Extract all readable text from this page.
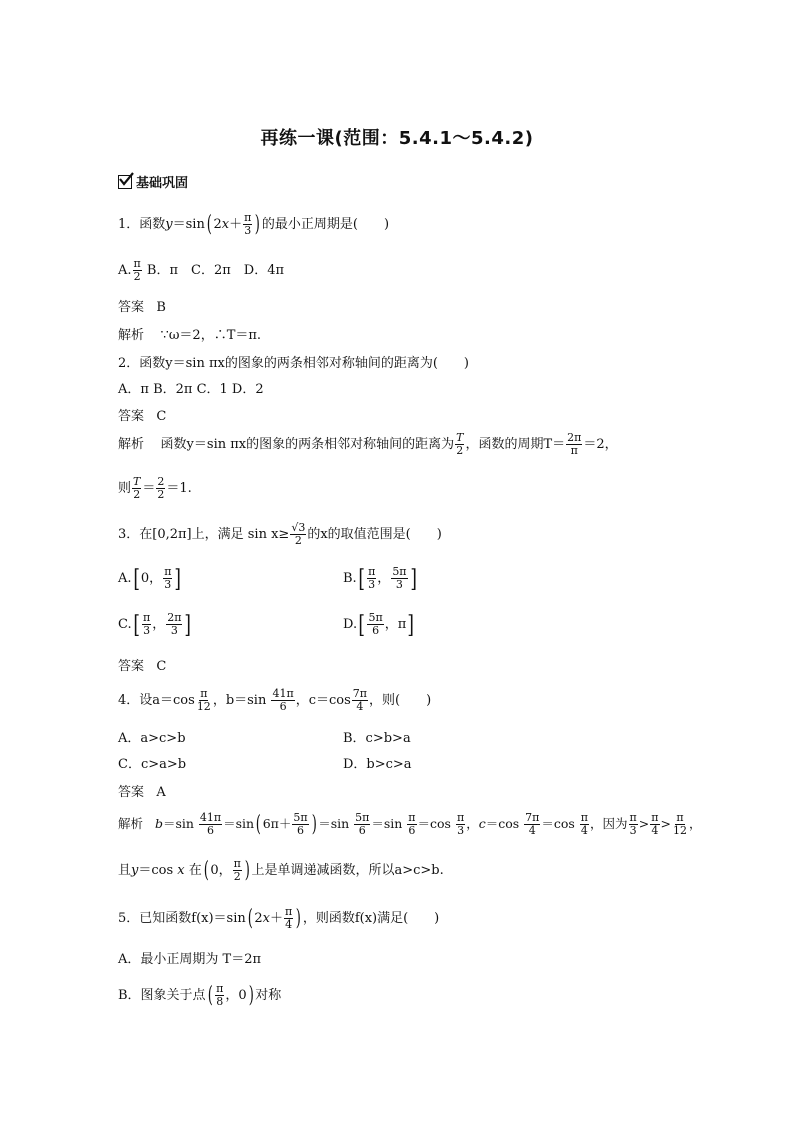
再练一课(范围：5.4.1～5.4.2)
基础巩固
1．函数y＝sin( $2x+ \frac{\pi}{3}$ ) 的最小正周期是(　　)
A. $\frac{\pi}{2}$ B．π　C．2π　D．4π
答案 B
解析 ∵ω＝2，∴T＝π.
2．函数y＝sin πx的图象的两条相邻对称轴间的距离为(　　)
A．π B．2π C．1 D．2
答案 C
解析 函数y＝sin πx的图象的两条相邻对称轴间的距离为 $\frac{T}{2}$ ，函数的周期$T= \frac{2\pi}{\pi} =2$，
则 $\frac{T}{2} = \frac{2}{2} =1$.
3．在[0,2π]上，满足 $\sin x\ge \frac{√3}{2}$ 的x的取值范围是(　　)
A.[0， $\frac{\pi}{3}$ ]	$B.[ \frac{\pi}{3}$ ， $\frac{5\pi}{3}$ ]
$C.[ \frac{\pi}{3}$ ， $\frac{2\pi}{3}$ ]	$D.[ \frac{5\pi}{6}$ ，π]
答案 C
4．设$a=\cos \frac{\pi}{12}$ ，$b=\sin \frac{41\pi}{6}$ ，$c=\cos \frac{7\pi}{4}$ ，则(　　)
A．a>c>b	B．c>b>a
C．c>a>b	D．b>c>a
答案 A
解析 $b=\sin \frac{41\pi}{6} =\sin$( $6\pi+ \frac{5\pi}{6}$ ) $=\sin \frac{5\pi}{6} =\sin \frac{\pi}{6} =\cos \frac{\pi}{3}$ ，$c=\cos \frac{7\pi}{4} =\cos \frac{\pi}{4}$ ，因为 $\frac{\pi}{3} > \frac{\pi}{4} > \frac{\pi}{12}$ ，
且y＝cos x 在( 0， $\frac{\pi}{2}$ ) 上是单调递减函数，所以a>c>b.
5．已知函数f(x)＝sin( $2x+ \frac{\pi}{4}$ ) ，则函数f(x)满足(　　)
A．最小正周期为 T＝2π
B．图象关于点( $\frac{\pi}{8}$ ，0) 对称
